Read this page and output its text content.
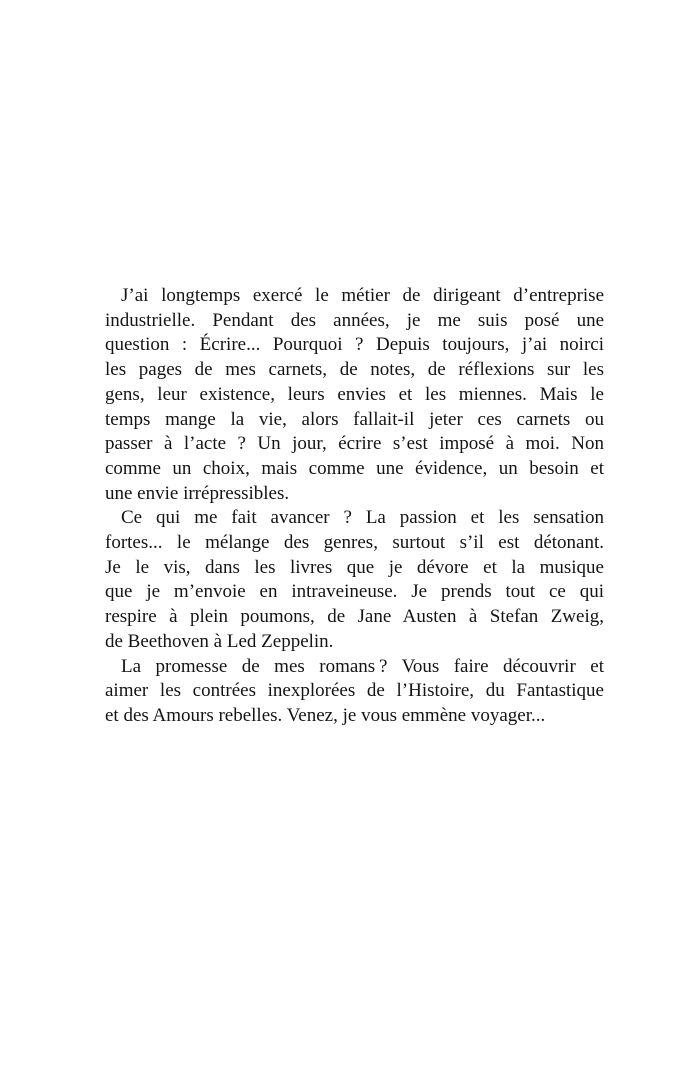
J’ai longtemps exercé le métier de dirigeant d’entreprise
industrielle. Pendant des années, je me suis posé une
question : Écrire... Pourquoi ? Depuis toujours, j’ai noirci
les pages de mes carnets, de notes, de réflexions sur les
gens, leur existence, leurs envies et les miennes. Mais le
temps mange la vie, alors fallait-il jeter ces carnets ou
passer à l’acte ? Un jour, écrire s’est imposé à moi. Non
comme un choix, mais comme une évidence, un besoin et
une envie irrépressibles.
Ce qui me fait avancer ? La passion et les sensation
fortes... le mélange des genres, surtout s’il est détonant.
Je le vis, dans les livres que je dévore et la musique
que je m’envoie en intraveineuse. Je prends tout ce qui
respire à plein poumons, de Jane Austen à Stefan Zweig,
de Beethoven à Led Zeppelin.
La promesse de mes romans ? Vous faire découvrir et
aimer les contrées inexplorées de l’Histoire, du Fantastique
et des Amours rebelles. Venez, je vous emmène voyager...
